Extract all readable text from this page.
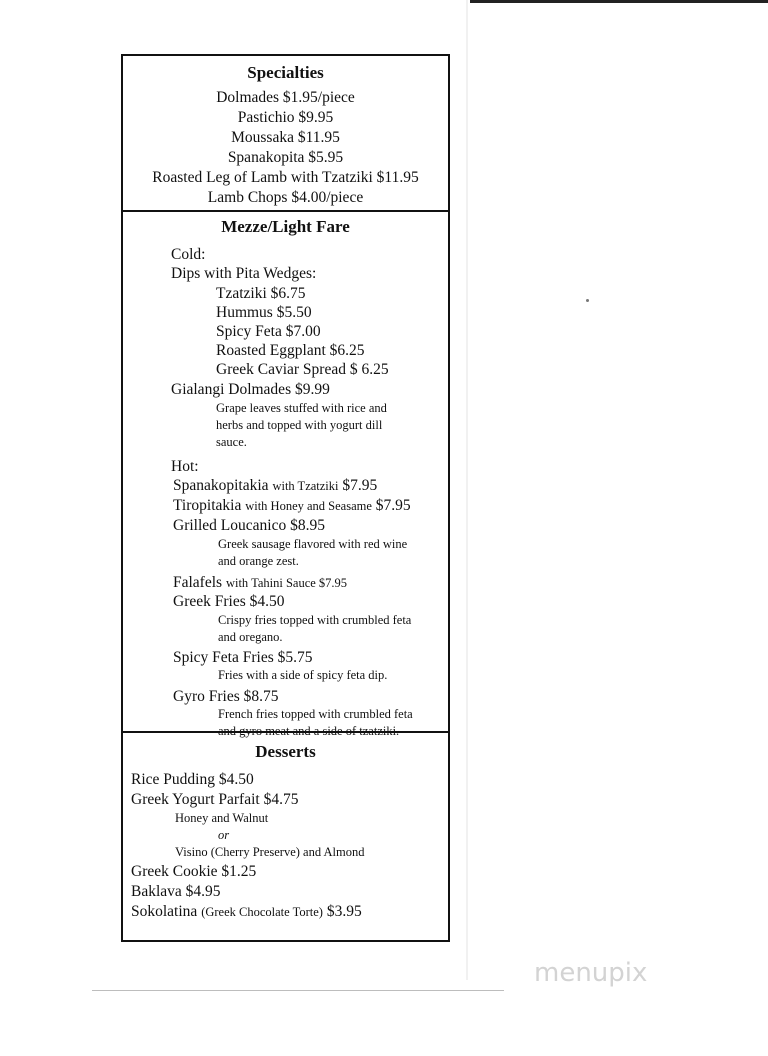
Specialties
Dolmades $1.95/piece
Pastichio $9.95
Moussaka $11.95
Spanakopita $5.95
Roasted Leg of Lamb with Tzatziki $11.95
Lamb Chops $4.00/piece
Mezze/Light Fare
Cold:
Dips with Pita Wedges:
Tzatziki $6.75
Hummus $5.50
Spicy Feta $7.00
Roasted Eggplant $6.25
Greek Caviar Spread $ 6.25
Gialangi Dolmades $9.99
Grape leaves stuffed with rice and
herbs and topped with yogurt dill
sauce.
Hot:
Spanakopitakia with Tzatziki $7.95
Tiropitakia with Honey and Seasame $7.95
Grilled Loucanico $8.95
Greek sausage flavored with red wine
and orange zest.
Falafels with Tahini Sauce $7.95
Greek Fries $4.50
Crispy fries topped with crumbled feta
and oregano.
Spicy Feta Fries $5.75
Fries with a side of spicy feta dip.
Gyro Fries $8.75
French fries topped with crumbled feta
and gyro meat and a side of tzatziki.
Desserts
Rice Pudding $4.50
Greek Yogurt Parfait $4.75
Honey and Walnut
or
Visino (Cherry Preserve) and Almond
Greek Cookie $1.25
Baklava $4.95
Sokolatina (Greek Chocolate Torte) $3.95
menupix
